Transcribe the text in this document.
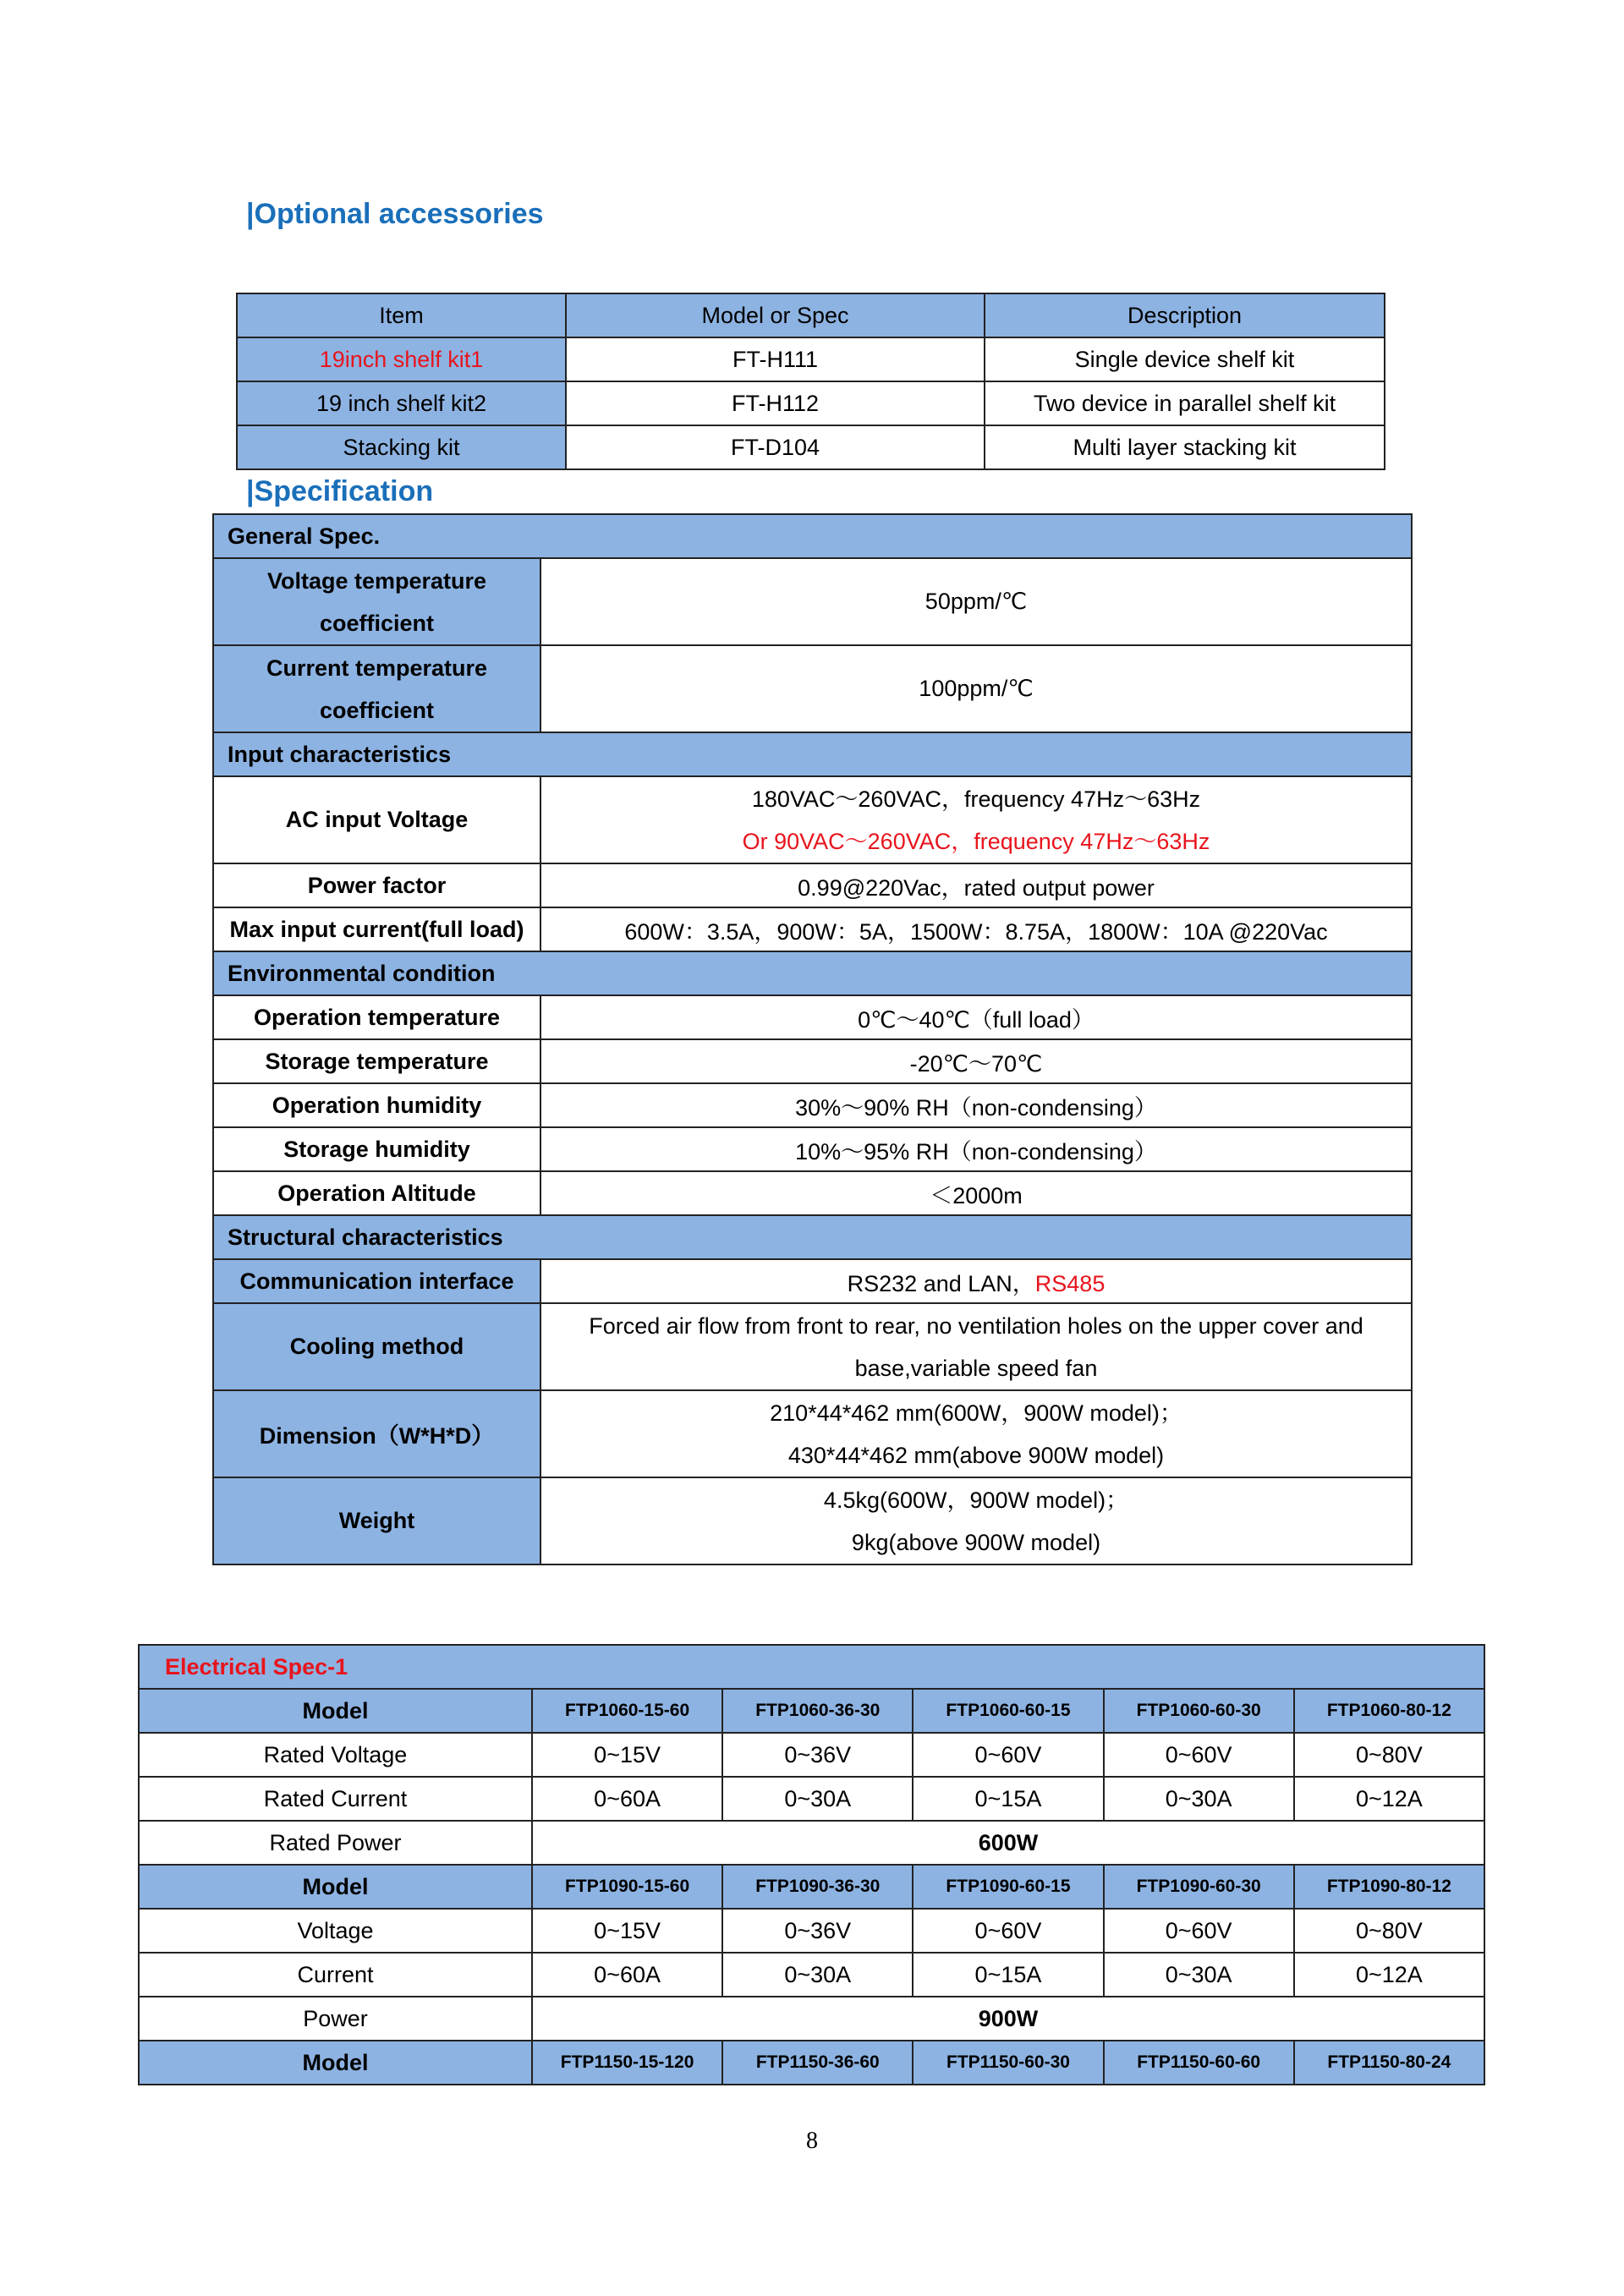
|Optional accessories
Item	Model or Spec	Description
19inch shelf kit1	FT-H111	Single device shelf kit
19 inch shelf kit2	FT-H112	Two device in parallel shelf kit
Stacking kit	FT-D104	Multi layer stacking kit
|Specification
General Spec.	

Voltage temperature
coefficient	50ppm/℃

Current temperature
coefficient	100ppm/℃
Input characteristics	
AC input Voltage	180VAC～260VAC，frequency 47Hz～63Hz
Or 90VAC～260VAC，frequency 47Hz～63Hz

Power factor	0.99@220Vac，rated output power
Max input current(full load)	600W：3.5A，900W：5A，1500W：8.75A，1800W：10A @220Vac
Environmental condition	
Operation temperature	0℃～40℃（full load）
Storage temperature	-20℃～70℃
Operation humidity	30%～90% RH（non-condensing）
Storage humidity	10%～95% RH（non-condensing）
Operation Altitude	＜2000m
Structural characteristics	
Communication interface	RS232 and LAN，RS485
Cooling method	Forced air flow from front to rear, no ventilation holes on the upper cover and
base,variable speed fan

Dimension（W*H*D）	210*44*462 mm(600W，900W model)；
430*44*462 mm(above 900W model)

Weight	4.5kg(600W，900W model)；
9kg(above 900W model)
Electrical Spec-1					
Model	FTP1060-15-60	FTP1060-36-30	FTP1060-60-15	FTP1060-60-30	FTP1060-80-12
Rated Voltage	0~15V	0~36V	0~60V	0~60V	0~80V
Rated Current	0~60A	0~30A	0~15A	0~30A	0~12A
Rated Power	600W				
Model	FTP1090-15-60	FTP1090-36-30	FTP1090-60-15	FTP1090-60-30	FTP1090-80-12
Voltage	0~15V	0~36V	0~60V	0~60V	0~80V
Current	0~60A	0~30A	0~15A	0~30A	0~12A
Power	900W				
Model	FTP1150-15-120	FTP1150-36-60	FTP1150-60-30	FTP1150-60-60	FTP1150-80-24
8
